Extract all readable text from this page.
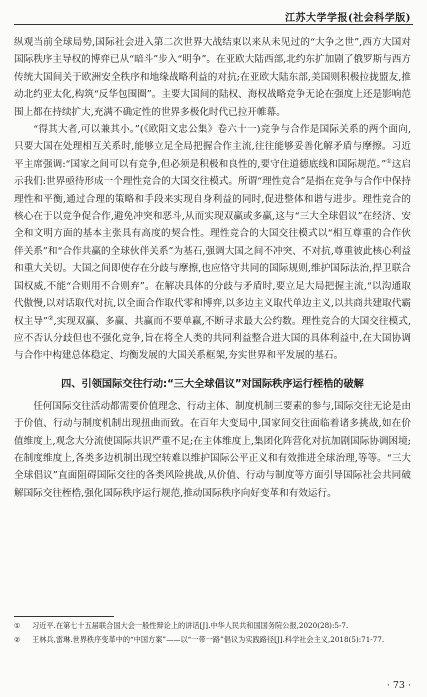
江苏大学学报(社会科学版)

纵观当前全球局势,国际社会进入第二次世界大战结束以来从未见过的“大争之世”,西方大国对国际秩序主导权的博弈已从“暗斗”步入“明争”。在亚欧大陆西部,北约东扩加剧了俄罗斯与西方传统大国间关于欧洲安全秩序和地缘战略利益的对抗;在亚欧大陆东部,美国则积极拉拢盟友,推动北约亚太化,构筑“反华包围圈”。主要大国间的陆权、海权战略竞争无论在强度上还是影响范围上都在持续扩大,充满不确定性的世界多极化时代已拉开帷幕。

“得其大者,可以兼其小。”(《欧阳文忠公集》卷六十一)竞争与合作是国际关系的两个面向,只要大国在处理相互关系时,能够立足全局把握合作主流,往往能够妥善化解矛盾与摩擦。习近平主席强调:“国家之间可以有竞争,但必须是积极和良性的,要守住道德底线和国际规范。”①这启示我们:世界亟待形成一个理性竞合的大国交往模式。所谓“理性竞合”是指在竞争与合作中保持理性和平衡,通过合理的策略和手段来实现自身利益的同时,促进整体和谐与进步。理性竞合的核心在于以竞争促合作,避免冲突和恶斗,从而实现双赢或多赢,这与“三大全球倡议”在经济、安全和文明方面的基本主张具有高度的契合性。理性竞合的大国交往模式以“相互尊重的合作伙伴关系”和“合作共赢的全球伙伴关系”为基石,强调大国之间不冲突、不对抗,尊重彼此核心利益和重大关切。大国之间即使存在分歧与摩擦,也应恪守共同的国际规则,维护国际法治,捍卫联合国权威,不能“合则用不合则弃”。在解决具体的分歧与矛盾时,要立足大局把握主流,“以沟通取代傲慢,以对话取代对抗,以全面合作取代零和博弈,以多边主义取代单边主义,以共商共建取代霸权主导”②,实现双赢、多赢、共赢而不要单赢,不断寻求最大公约数。理性竞合的大国交往模式,应不否认分歧但也不强化竞争,旨在将全人类的共同利益整合进大国的具体利益中,在大国协调与合作中构建总体稳定、均衡发展的大国关系框架,夯实世界和平发展的基石。

四、引领国际交往行动:“三大全球倡议”对国际秩序运行桎梏的破解

任何国际交往活动都需要价值理念、行动主体、制度机制三要素的参与,国际交往无论是由于价值、行动与制度机制出现扭曲而致。在百年大变局中,国家间交往面临着诸多挑战,如在价值维度上,观念大分流使国际共识严重不足;在主体维度上,集团化阵营化对抗加剧国际协调困境;在制度维度上,各类多边机制出现空转难以维护国际公平正义和有效推进全球治理,等等。“三大全球倡议”直面阻碍国际交往的各类风险挑战,从价值、行动与制度等方面引导国际社会共同破解国际交往桎梏,强化国际秩序运行规范,推动国际秩序向好变革和有效运行。

① 习近平.在第七十五届联合国大会一般性辩论上的讲话[J].中华人民共和国国务院公报,2020(28):5-7.

② 王林兵,雷琳.世界秩序变革中的“中国方案”——以“一带一路”倡议为实践路径[J].科学社会主义,2018(5):71-77.

· 73 ·
